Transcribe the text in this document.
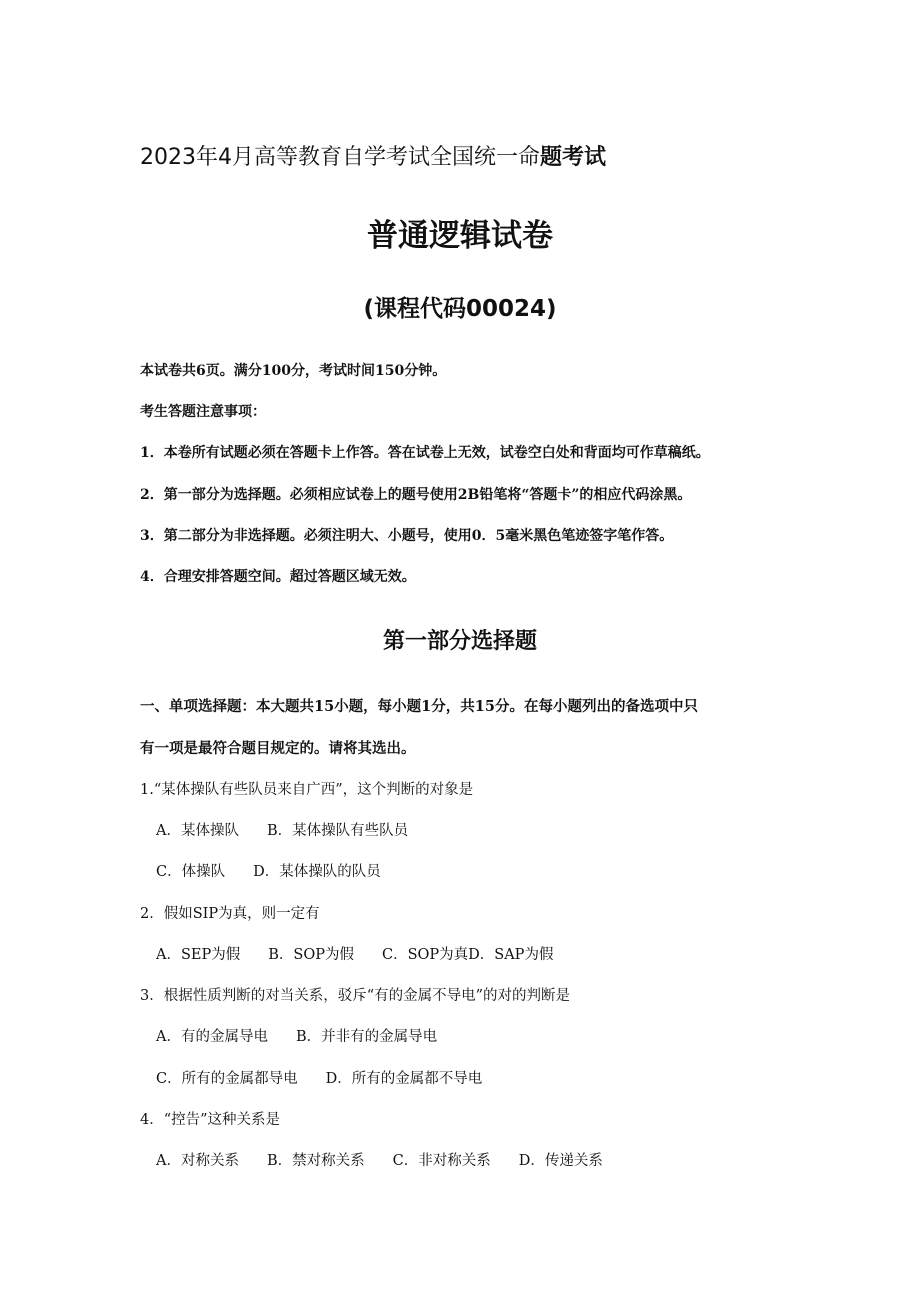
2023年4月高等教育自学考试全国统一命题考试
普通逻辑试卷
(课程代码00024)
本试卷共6页。满分100分，考试时间150分钟。
考生答题注意事项：
1．本卷所有试题必须在答题卡上作答。答在试卷上无效，试卷空白处和背面均可作草稿纸。
2．第一部分为选择题。必须相应试卷上的题号使用2B铅笔将“答题卡”的相应代码涂黑。
3．第二部分为非选择题。必须注明大、小题号，使用0．5毫米黑色笔迹签字笔作答。
4．合理安排答题空间。超过答题区域无效。
第一部分选择题
一、单项选择题：本大题共15小题，每小题1分，共15分。在每小题列出的备选项中只
有一项是最符合题目规定的。请将其选出。
1.“某体操队有些队员来自广西”，这个判断的对象是
A．某体操队 B．某体操队有些队员
C．体操队 D．某体操队的队员
2．假如SIP为真，则一定有
A．SEP为假 B．SOP为假 C．SOP为真D．SAP为假
3．根据性质判断的对当关系，驳斥“有的金属不导电”的对的判断是
A．有的金属导电 B．并非有的金属导电
C．所有的金属都导电 D．所有的金属都不导电
4．“控告”这种关系是
A．对称关系 B．禁对称关系 C．非对称关系 D．传递关系
